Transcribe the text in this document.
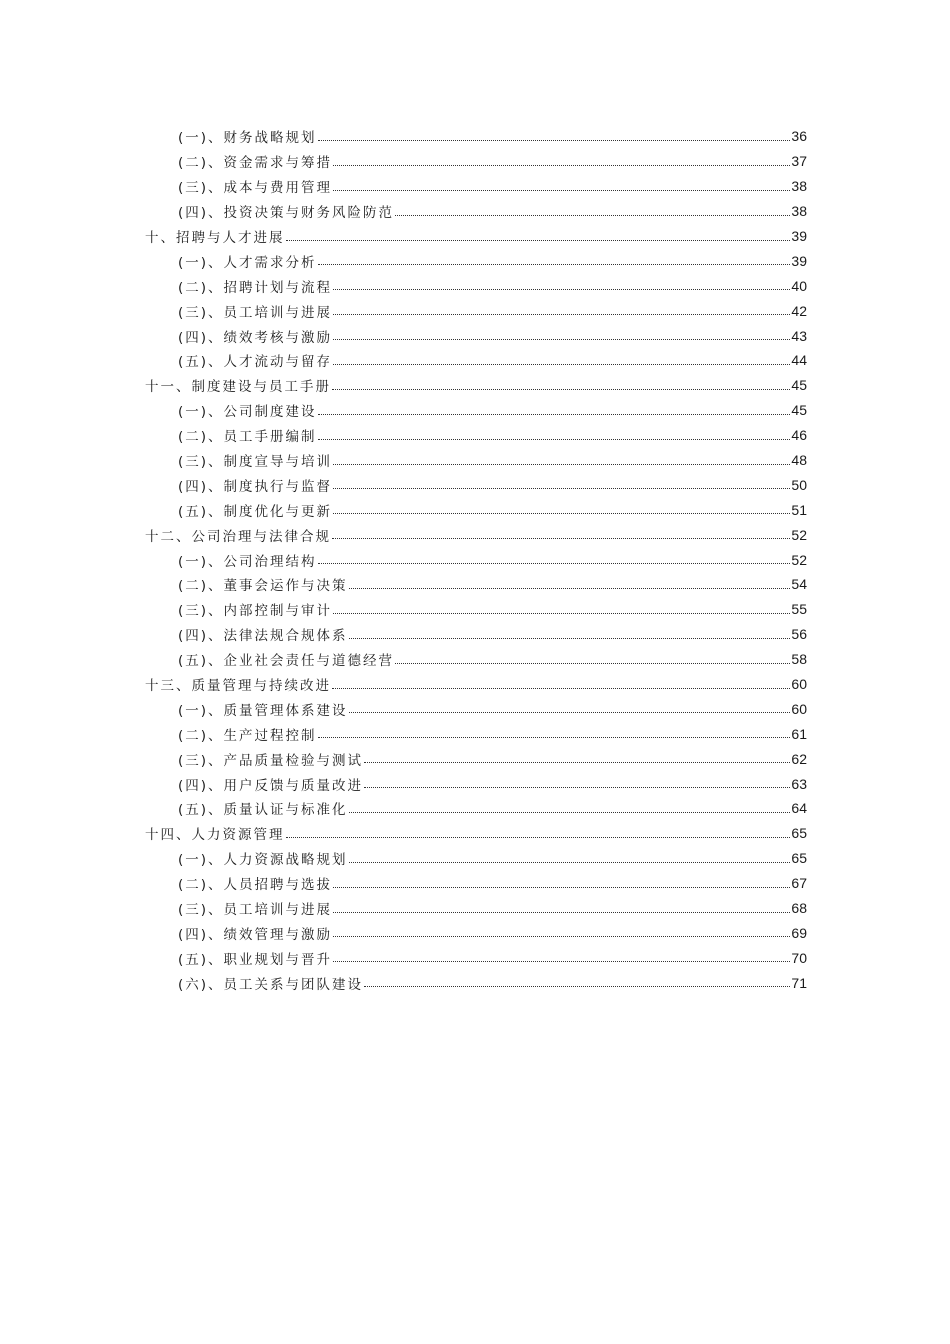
(一)、财务战略规划	36
(二)、资金需求与筹措	37
(三)、成本与费用管理	38
(四)、投资决策与财务风险防范	38
十、招聘与人才进展	39
(一)、人才需求分析	39
(二)、招聘计划与流程	40
(三)、员工培训与进展	42
(四)、绩效考核与激励	43
(五)、人才流动与留存	44
十一、制度建设与员工手册	45
(一)、公司制度建设	45
(二)、员工手册编制	46
(三)、制度宣导与培训	48
(四)、制度执行与监督	50
(五)、制度优化与更新	51
十二、公司治理与法律合规	52
(一)、公司治理结构	52
(二)、董事会运作与决策	54
(三)、内部控制与审计	55
(四)、法律法规合规体系	56
(五)、企业社会责任与道德经营	58
十三、质量管理与持续改进	60
(一)、质量管理体系建设	60
(二)、生产过程控制	61
(三)、产品质量检验与测试	62
(四)、用户反馈与质量改进	63
(五)、质量认证与标准化	64
十四、人力资源管理	65
(一)、人力资源战略规划	65
(二)、人员招聘与选拔	67
(三)、员工培训与进展	68
(四)、绩效管理与激励	69
(五)、职业规划与晋升	70
(六)、员工关系与团队建设	71
